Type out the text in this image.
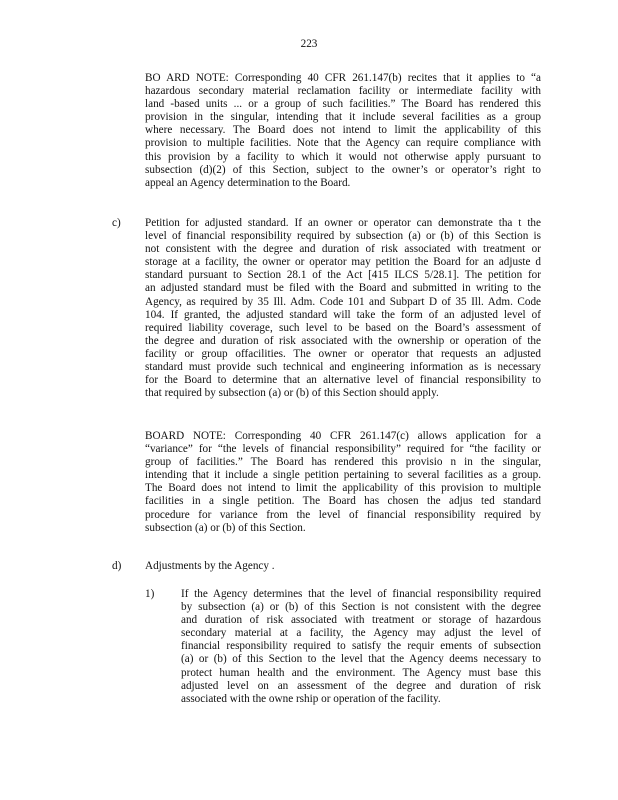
223
BO ARD NOTE: Corresponding 40 CFR 261.147(b) recites that it applies to “a
hazardous secondary material reclamation facility or intermediate facility with
land -based units ... or a group of such facilities.” The Board has rendered this
provision in the singular, intending that it include several facilities as a group
where necessary. The Board does not intend to limit the applicability of this
provision to multiple facilities. Note that the Agency can require compliance with
this provision by a facility to which it would not otherwise apply pursuant to
subsection (d)(2) of this Section, subject to the owner’s or operator’s right to
appeal an Agency determination to the Board.
c) Petition for adjusted standard. If an owner or operator can demonstrate tha t the
level of financial responsibility required by subsection (a) or (b) of this Section is
not consistent with the degree and duration of risk associated with treatment or
storage at a facility, the owner or operator may petition the Board for an adjuste d
standard pursuant to Section 28.1 of the Act [415 ILCS 5/28.1]. The petition for
an adjusted standard must be filed with the Board and submitted in writing to the
Agency, as required by 35 Ill. Adm. Code 101 and Subpart D of 35 Ill. Adm. Code
104. If granted, the adjusted standard will take the form of an adjusted level of
required liability coverage, such level to be based on the Board’s assessment of
the degree and duration of risk associated with the ownership or operation of the
facility or group offacilities. The owner or operator that requests an adjusted
standard must provide such technical and engineering information as is necessary
for the Board to determine that an alternative level of financial responsibility to
that required by subsection (a) or (b) of this Section should apply.
BOARD NOTE: Corresponding 40 CFR 261.147(c) allows application for a
“variance” for “the levels of financial responsibility” required for “the facility or
group of facilities.” The Board has rendered this provisio n in the singular,
intending that it include a single petition pertaining to several facilities as a group.
The Board does not intend to limit the applicability of this provision to multiple
facilities in a single petition. The Board has chosen the adjus ted standard
procedure for variance from the level of financial responsibility required by
subsection (a) or (b) of this Section.
d) Adjustments by the Agency .
1) If the Agency determines that the level of financial responsibility required
by subsection (a) or (b) of this Section is not consistent with the degree
and duration of risk associated with treatment or storage of hazardous
secondary material at a facility, the Agency may adjust the level of
financial responsibility required to satisfy the requir ements of subsection
(a) or (b) of this Section to the level that the Agency deems necessary to
protect human health and the environment. The Agency must base this
adjusted level on an assessment of the degree and duration of risk
associated with the owne rship or operation of the facility.
